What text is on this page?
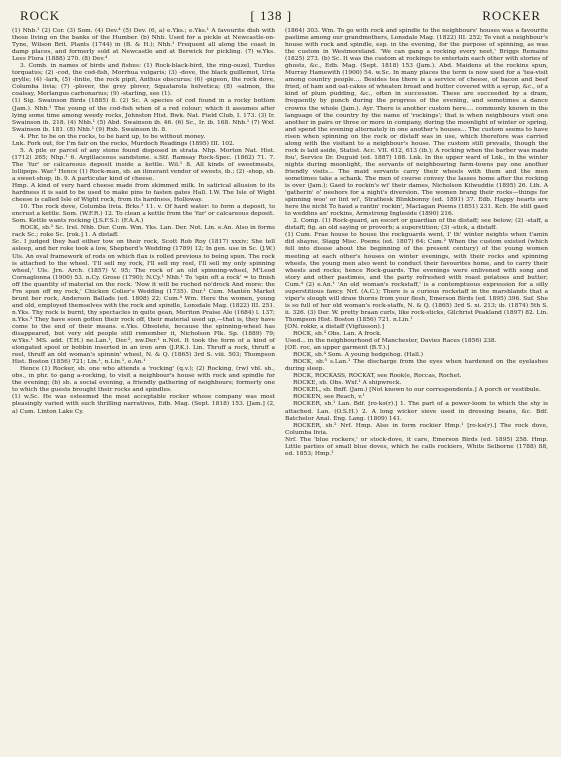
ROCK	[ 138 ]	ROCKER

(1) Nhb.¹ (2) Cor. (3) Som. (4) Dev.⁴ (5) Dev. (6, a) e.Yks.; e.Yks.¹ A favourite dish with those living on the banks of the Humber. (b) Nhb. Used for a pickle at Newcastle-on-Tyne, Wilson Brit. Plants (1744) in (B. & H.); Nhb.¹ Frequent all along the coast in damp places, and formerly sold at Newcastle and at Berwick for pickling. (7) w.Yks. Lees Flora (1888) 270. (8) Dev.⁴

3. Comb. in names of birds and fishes: (1) Rock-black-bird, the ring-ouzel, Turdus torquatus; (2) -cod, the cod-fish, Morrhua vulgaris; (3) -dove, the black guillemot, Uria grylle; (4) -lark, (5) -lintie, the rock pipit, Anthus obscurus; (6) -pigeon, the rock dove, Columba livia; (7) -plover, the grey plover, Squatarola helvetica; (8) -salmon, the coalsay, Merlangus carbonarius; (9) -starling, see (1).

(1) Sig. Swainson Birds (1885) 8. (2) Sc. A species of cod found in a rocky bottom (Jam.). Nhb.¹ The young of the cod-fish when of a red colour; which it assumes after lying some time among weedy rocks, Johnston Hist. Bwk. Nat. Field Club, I. 173. (3) Ir. Swainson ib. 218. (4) Nhb.¹ (5) Abd. Swainson ib. 46. (6) Sc., Ir. ib. 168. Nhb.¹ (7) Wxf. Swainson ib. 181. (8) Nhb.¹ (9) Rxb. Swainson ib. 8.

4. Phr. to be on the rocks, to be hard up, to be without money.

Lnk. Fork out, for I'm fair on the rocks, Murdoch Readings (1895) III. 102.

5. A pile or parcel of any stone found disposed in strata. Nhp. Morton Nat. Hist. (1712) 265; Nhp.¹ 6. Argillaceous sandstone. s.Stf. Ramsay Rock-Spec. (1862) 71. 7. The 'fur' or calcareous deposit inside a kettle. Wil.¹ 8. All kinds of sweetmeats, lollipops. War.² Hence (1) Rock-man, sb. an itinerant vendor of sweets, ib.; (2) -shop, sb. a sweet-shop, ib. 9. A particular kind of cheese.

Hmp. A kind of very hard cheese made from skimmed milk. In satirical allusion to its hardness it is said to be used to make pins to fasten gates Hall. I.W. The Isle of Wight cheese is called Isle of Wight rock, from its hardness, Holloway.

10. The rock dove, Columba livia. Brks.¹ 11. v. Of hard water: to form a deposit, to encrust a kettle. Som. (W.F.R.) 12. To clean a kettle from the 'fur' or calcareous deposit.

Som. Kettle wants rocking (J.S.F.S.): (F.A.A.)

ROCK, sb.² Sc. Irel. Nhb. Dur. Cum. Wm. Yks. Lan. Der. Not. Lin. e.An. Also in forms rack Sc.; roke Sc. [rok.] 1. A distaff.

Sc. I judged they had either tow on their rock, Scott Rob Roy (1817) xxxiv; She tell asleep, and her roke took a low, Shepherd's Wedding (1789) 12; In gen. use in Sc. (J.W.) Uls. An oval framework of rods on which flax is rolled previous to being spun. The rock is attached to the wheel. 'I'll sell my rock, I'll sell my reel, I'll sell my only spinning wheel,' Uls. Jrn. Arch. (1857) V. 95; The rock of an old spinning-wheel, M'Leod Cornaglonna (1900) 53. n.Cy. Grose (1790); N.Cy.¹ Nhb.¹ To 'spin oft a rock' = to finish off the quantity of material on the rock. 'Now it will be roched no'drock And more: the Fre spun off my rock,' Chicken Colier's Wedding (1735). Dur.¹ Cum. Mantén Market brunt her rock, Anderson Ballads (ed. 1808) 22; Cum.⁴ Wm. Here the women, young and old, employed themselves with the rock and spindle, Lonsdale Mag. (1822) III. 251. n.Yks. Thy rock is burnt, thy spectacles in quite gean, Meriton Praise Ale (1684) l. 137; n.Yks.² They have soon gotten their rock off, their material used up,—that is, they have come to the end of their means. e.Yks. Obsolete, because the spinning-wheel has disappeared, but very old people still remember it, Nicholson Flk. Sp. (1889) 79; w.Yks.¹ MS. add. (T.H.) ne.Lan.¹, Der.², nw.Der.¹ n.Not. It took the form of a kind of elongated spool or bobbin inserted in an iron arm (J.P.K.). Lin. Thruff a rock, thruff a reel, thruff an old woman's spinnin' wheel, N. & Q. (1865) 3rd S. viii. 503; Thompson Hist. Boston (1856) 721; Lin.¹, n.Lin.¹, e.An.¹

Hence (1) Rocker, sb. one who attends a 'rocking' (q.v.); (2) Rocking, (rw) vbl. sb., obs., in phr. to gang a-rocking, to visit a neighbour's house with rock and spindle for the evening; (b) sb. a social evening, a friendly gathering of neighbours; formerly one to which the guests brought their rocks and spindles.

(1) w.Sc. He was esteemed the most acceptable rocker whose company was most pleasingly varied with such thrilling narratives, Edb. Mag. (Sept. 1818) 153. [Jam.] (2, a) Cum. Linton Lake Cy.

(1864) 303. Wm. To go with rock and spindle to the neighbours' houses was a favourite pastime among our grandmothers, Lonsdale Mag. (1822) III. 252; To visit a neighbour's house with rock and spindle, esp. in the evening, for the purpose of spinning, as was the custom in Westmoreland. 'We can gang a rocking every neet,' Briggs Remains (1825) 273. (b) Sc. It was the custom at rockings to entertain each other with stories of ghosts, &c., Edb. Mag. (Sept. 1818) 153 (Jam.). Abd. Maidens at the rockins spun, Murray Hamewith (1900) 54. w.Sc. In many places the term is now used for a 'tea-visit among country people.... Besides tea there is a service of cheese, of bacon and beef fried, of ham and oat-cakes of wheaten bread and butter covered with a syrup, &c., of a kind of plum pudding, &c., often in succession. These are succeeded by a dram, frequently by punch during the progress of the evening, and sometimes a dance crowns the whole (Jam.). Ayr. There is another custom here.... commonly known in the language of the country by the name of 'rockings'; that is when neighbours visit one another in pairs or three or more in company, during the moonlight of winter or spring, and spend the evening alternately in one another's houses... The custom seems to have risen when spinning on the rock or distaff was in use, which therefore was carried along with the visitant to a neighbour's house. The custom still prevails, though the rock is laid aside, Statist. Acc. VII. 612, 613 (ib.); A rocking when the barber was made fou', Service Dr. Duguid (ed. 1887) 188. Lnk. In the upper ward of Lnk., in the winter nights during moonlight, the servants of neighbouring farm-towns pay one another friendly visits... The maid servants carry their wheels with them and the men sometimes take a schank. The men of course convey the lasses home after the rocking is over (Jam.); Gaed to rockin's wi' their dames, Nicholson Kilwuddie (1895) 26. Lth. A 'gatherin' o' neebors for a night's diversion. The women brang their rocks—things for spinning woo' or lint wi', Strathesk Blinkbonny (ed. 1891) 37. Edb. Happy hearts are here the nicht To haud a rantin' rockin', Maclagan Poems (1851) 231. Kcb. He still gaed to weddins an' rockins, Armstrong Ingleside (1890) 216.

2. Comp. (1) Rock-guard, an escort or guardian of the distaff; see below; (2) -staff, a distaff; fig. an old saying or proverb; a superstition; (3) -stick, a distaff.

(1) Cum. Frae house to house the rockguards went, I' th' winter neights when t'amin did shayne, Stagg Misc. Poems (ed. 1807) 64; Cum.² When the custom existed (which fell into disuse about the beginning of the present century) of the young women meeting at each other's houses on winter evenings, with their rocks and spinning wheels, the young men also went to conduct their favourites home, and to carry their wheels and rocks; hence Rock-guards. The evenings were enlivened with song and story and other pastimes, and the party refreshed with roast potatoes and butter; Cum.⁴ (2) e.An.¹ 'An old woman's rockstaff,' is a contemptuous expression for a silly superstitious fancy. Nrf. (A.C.); There is a curious rockstaff in the marshlands that a viper's slough will draw thorns from your flesh, Emerson Birds (ed. 1895) 396. Suf. She is so full of her old woman's rock-staffs, N. & Q. (1865) 3rd S. xi. 213; ib. (1874) 5th S. ii. 326. (3) Der. W. pretty braan curls, like rock-sticks, Gilchrist Peakland (1897) 82. Lin. Thompson Hist. Boston (1856) 721. n.Lin.¹

[ON. rokkr, a distaff (Vigfusson).]

ROCK, sb.³ Obs. Lan. A frock.

Used... in the neighbourhood of Manchester, Davies Races (1856) 238.

[OE. roc, an upper garment (B.T.).]

ROCK, sb.⁴ Som. A young hedgehog. (Hall.)

ROCK, sb.⁵ s.Lan.¹ The discharge from the eyes when hardened on the eyelashes during sleep.

ROCK, ROCKASS, ROCKAT, see Rook(e, Roccas, Rochet.

ROCKE, sb. Obs. Wxf.¹ A shipwreck.

ROCKEL, sb. Bnff. (Jam.) [Not known to our correspondents.] A porch or vestibule.

ROCKEN, see Reach, v.¹

ROCKER, sb.¹ Lan. Bdf. [ro·kə(r).] 1. The part of a power-loom to which the shy is attached. Lan. (O.S.H.) 2. A long wicker sieve used in dressing beans, &c. Bdf. Batchelor Anal. Eng. Lang. (1809) 141.

ROCKER, sb.² Nrf. Hmp. Also in form rockier Hmp.¹ [ro·kə(r).] The rock dove, Columba livia.

Nrf. The 'blue rockers,' or stock-dove, it care, Emerson Birds (ed. 1895) 258. Hmp. Little parties of small blue doves, which he calls rockiers, White Selborne (1788) 88, ed. 1853; Hmp.¹
